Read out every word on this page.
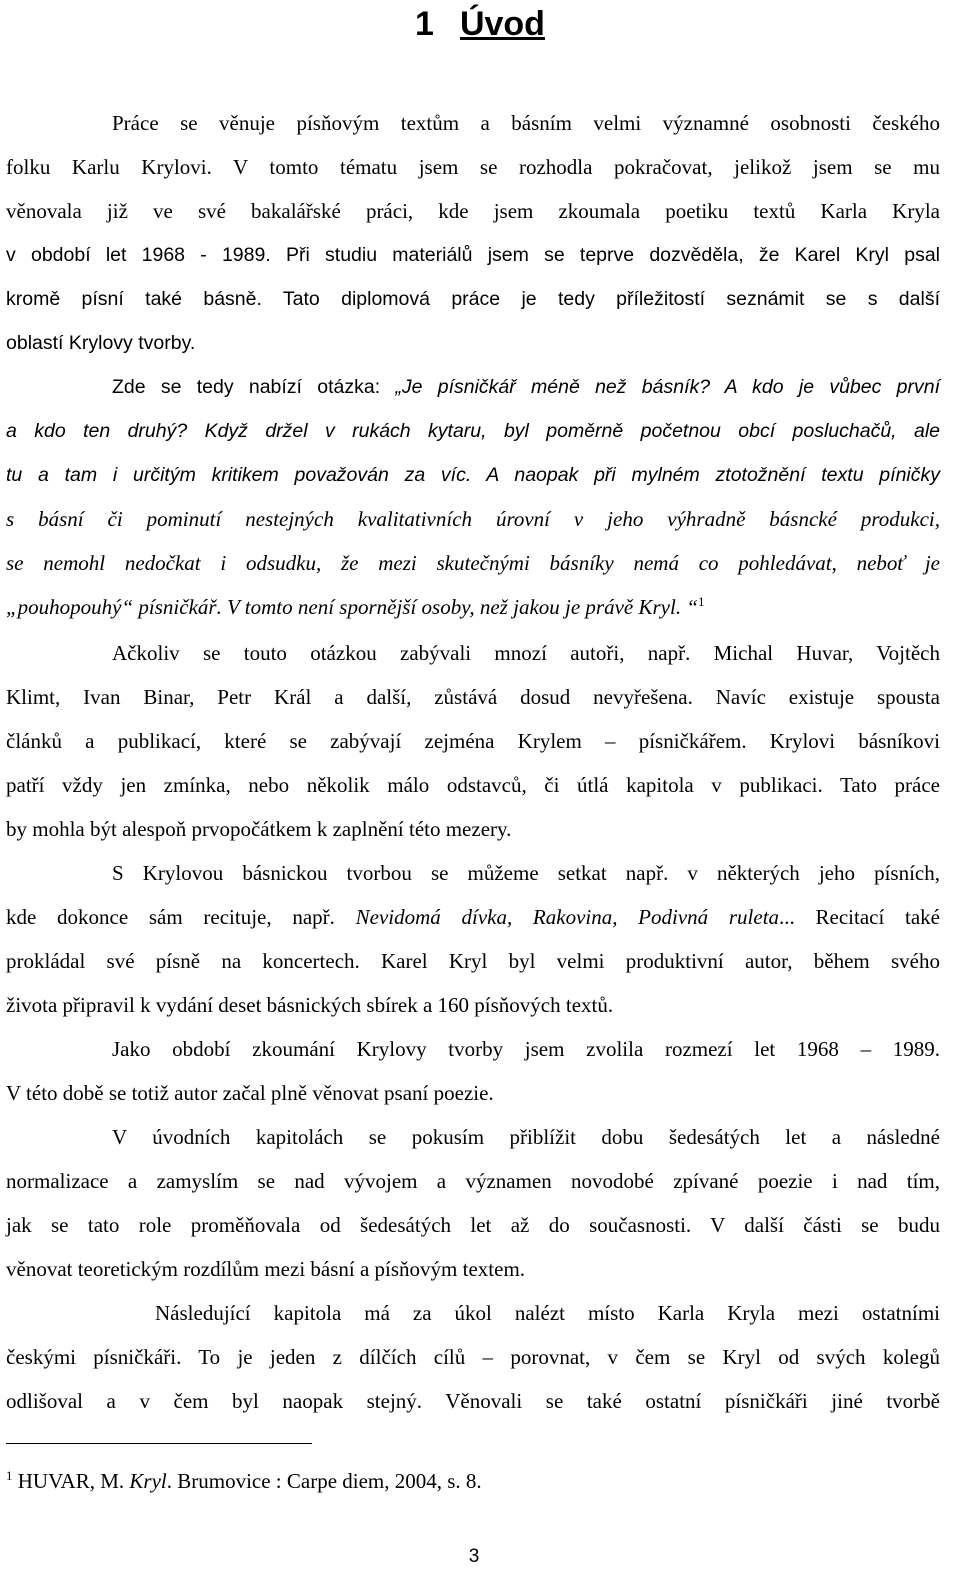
1 Úvod
Práce se věnuje písňovým textům a básním velmi významné osobnosti českého
folku Karlu Krylovi. V tomto tématu jsem se rozhodla pokračovat, jelikož jsem se mu
věnovala již ve své bakalářské práci, kde jsem zkoumala poetiku textů Karla Kryla
v období let 1968 - 1989. Při studiu materiálů jsem se teprve dozvěděla, že Karel Kryl psal
kromě písní také básně. Tato diplomová práce je tedy příležitostí seznámit se s další
oblastí Krylovy tvorby.
Zde se tedy nabízí otázka: „Je písničkář méně než básník? A kdo je vůbec první
a kdo ten druhý? Když držel v rukách kytaru, byl poměrně početnou obcí posluchačů, ale
tu a tam i určitým kritikem považován za víc. A naopak při mylném ztotožnění textu píničky
s básní či pominutí nestejných kvalitativních úrovní v jeho výhradně básncké produkci,
se nemohl nedočkat i odsudku, že mezi skutečnými básníky nemá co pohledávat, neboť je
„pouhopouhý“ písničkář. V tomto není spornější osoby, než jakou je právě Kryl. “$^1$
Ačkoliv se touto otázkou zabývali mnozí autoři, např. Michal Huvar, Vojtěch
Klimt, Ivan Binar, Petr Král a další, zůstává dosud nevyřešena. Navíc existuje spousta
článků a publikací, které se zabývají zejména Krylem – písničkářem. Krylovi básníkovi
patří vždy jen zmínka, nebo několik málo odstavců, či útlá kapitola v publikaci. Tato práce
by mohla být alespoň prvopočátkem k zaplnění této mezery.
S Krylovou básnickou tvorbou se můžeme setkat např. v některých jeho písních,
kde dokonce sám recituje, např. Nevidomá dívka, Rakovina, Podivná ruleta... Recitací také
prokládal své písně na koncertech. Karel Kryl byl velmi produktivní autor, během svého
života připravil k vydání deset básnických sbírek a 160 písňových textů.
Jako období zkoumání Krylovy tvorby jsem zvolila rozmezí let 1968 – 1989.
V této době se totiž autor začal plně věnovat psaní poezie.
V úvodních kapitolách se pokusím přiblížit dobu šedesátých let a následné
normalizace a zamyslím se nad vývojem a významen novodobé zpívané poezie i nad tím,
jak se tato role proměňovala od šedesátých let až do současnosti. V další části se budu
věnovat teoretickým rozdílům mezi básní a písňovým textem.
Následující kapitola má za úkol nalézt místo Karla Kryla mezi ostatními
českými písničkáři. To je jeden z dílčích cílů – porovnat, v čem se Kryl od svých kolegů
odlišoval a v čem byl naopak stejný. Věnovali se také ostatní písničkáři jiné tvorbě
$^1$ HUVAR, M. Kryl. Brumovice : Carpe diem, 2004, s. 8.
3
